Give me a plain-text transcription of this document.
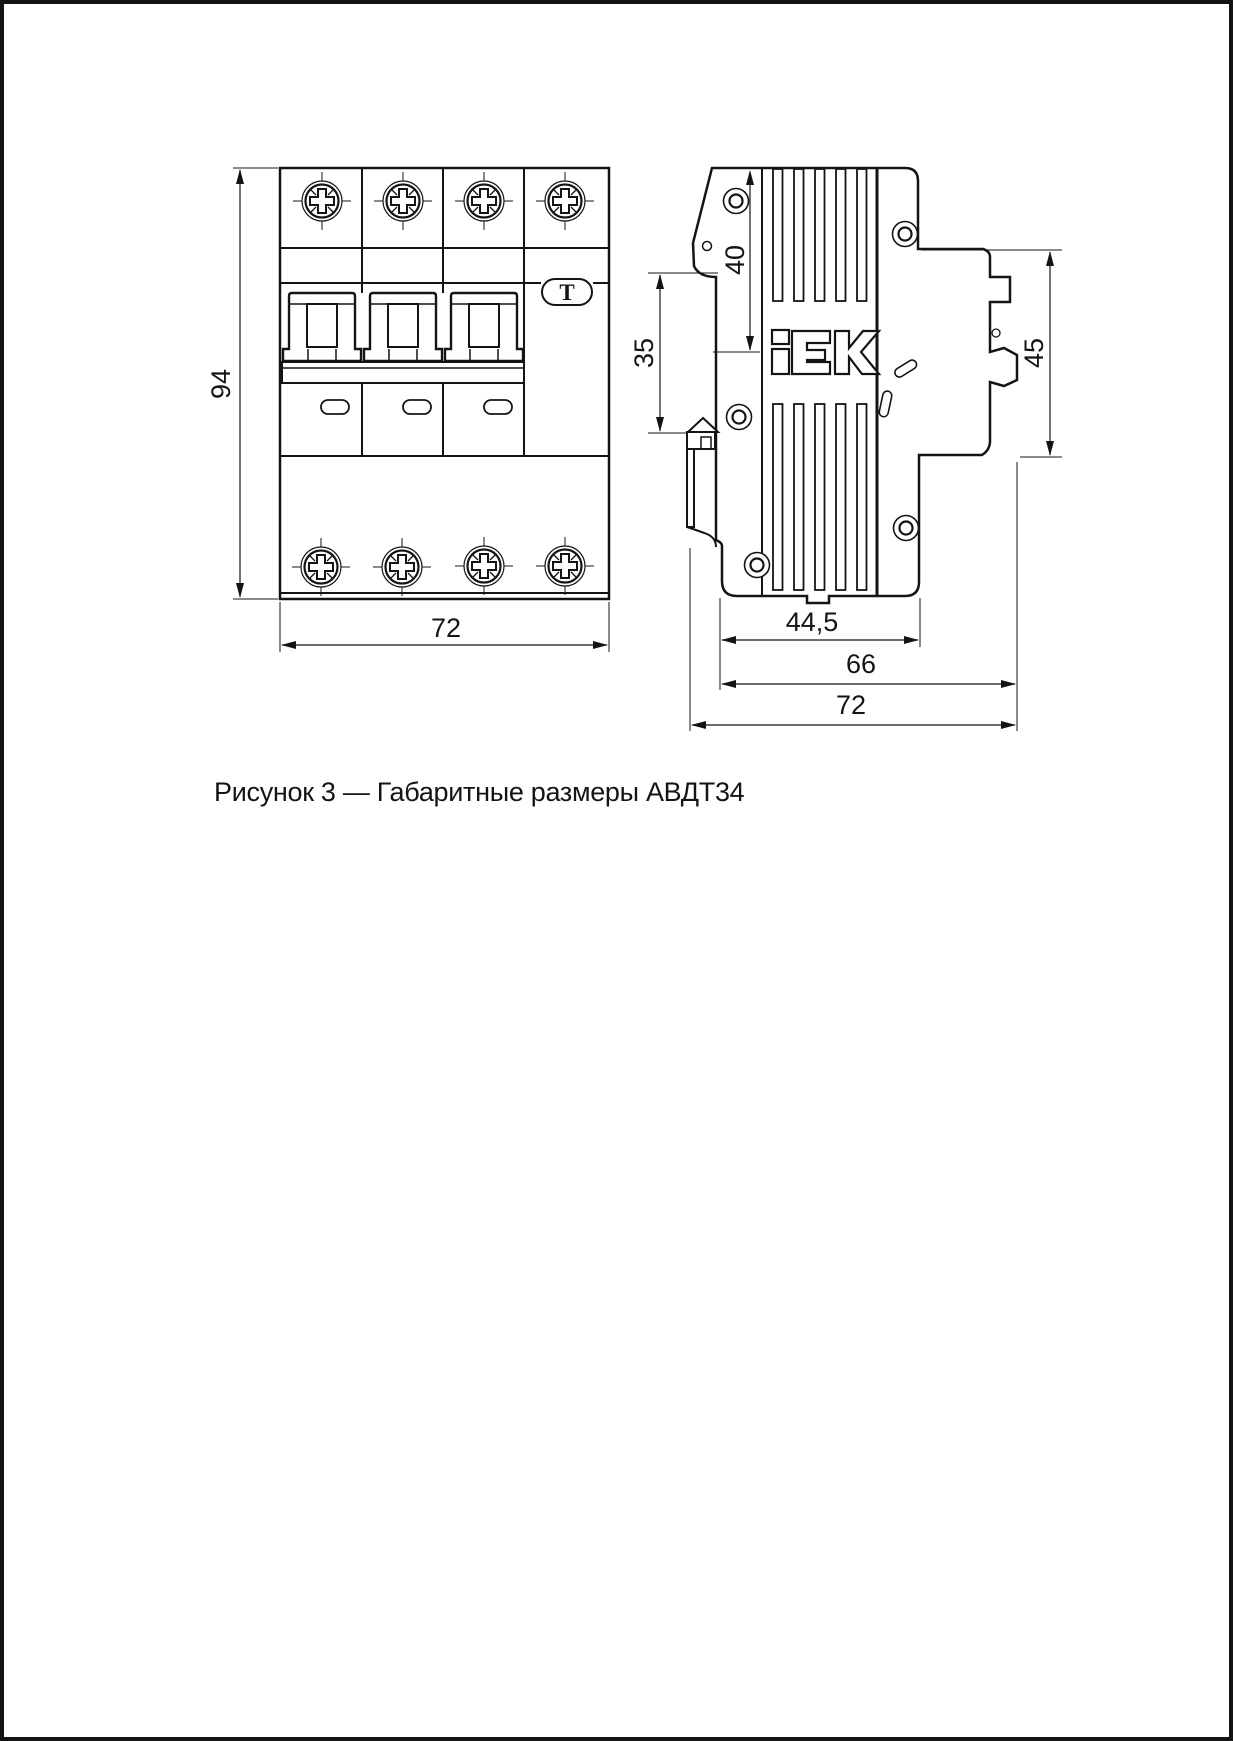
Т
94
72
40
35	45
44,5
66
72
Рисунок 3 — Габаритные размеры АВДТ34
